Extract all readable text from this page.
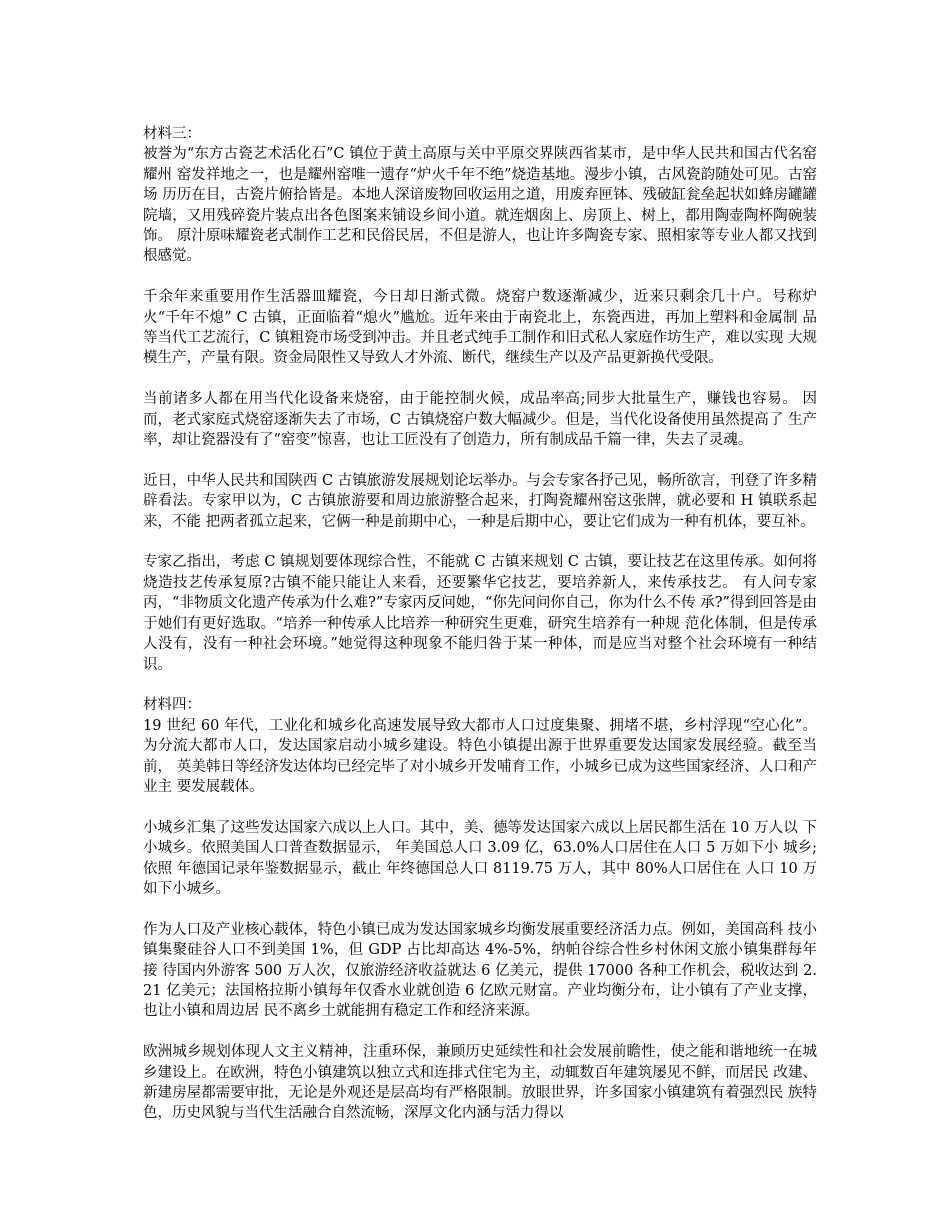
材料三：

被誉为“东方古瓷艺术活化石”C 镇位于黄土高原与关中平原交界陕西省某市，是中华人民共和国古代名窑耀州 窑发祥地之一，也是耀州窑唯一遗存“炉火千年不绝”烧造基地。漫步小镇，古风瓷韵随处可见。古窑场 历历在目，古瓷片俯拾皆是。本地人深谙废物回收运用之道，用废弃匣钵、残破缸瓮垒起状如蜂房罐罐 院墙，又用残碎瓷片装点出各色图案来铺设乡间小道。就连烟囱上、房顶上、树上，都用陶壶陶杯陶碗装饰。 原汁原味耀瓷老式制作工艺和民俗民居，不但是游人，也让许多陶瓷专家、照相家等专业人都又找到根感觉。

千余年来重要用作生活器皿耀瓷，今日却日渐式微。烧窑户数逐渐减少，近来只剩余几十户。号称炉 火“千年不熄” C 古镇，正面临着“熄火”尴尬。近年来由于南瓷北上，东瓷西进，再加上塑料和金属制 品等当代工艺流行，C 镇粗瓷市场受到冲击。并且老式纯手工制作和旧式私人家庭作坊生产，难以实现 大规模生产，产量有限。资金局限性又导致人才外流、断代，继续生产以及产品更新换代受限。

当前诸多人都在用当代化设备来烧窑，由于能控制火候，成品率高;同步大批量生产，赚钱也容易。 因而，老式家庭式烧窑逐渐失去了市场，C 古镇烧窑户数大幅减少。但是，当代化设备使用虽然提高了 生产率，却让瓷器没有了“窑变”惊喜，也让工匠没有了创造力，所有制成品千篇一律，失去了灵魂。

近日，中华人民共和国陕西 C 古镇旅游发展规划论坛举办。与会专家各抒己见，畅所欲言，刊登了许多精辟看法。专家甲以为，C 古镇旅游要和周边旅游整合起来，打陶瓷耀州窑这张牌，就必要和 H 镇联系起来，不能 把两者孤立起来，它俩一种是前期中心，一种是后期中心，要让它们成为一种有机体，要互补。

专家乙指出，考虑 C 镇规划要体现综合性，不能就 C 古镇来规划 C 古镇，要让技艺在这里传承。如何将烧造技艺传承复原?古镇不能只能让人来看，还要繁华它技艺，要培养新人，来传承技艺。 有人问专家丙，“非物质文化遗产传承为什么难?”专家丙反问她，“你先问问你自己，你为什么不传 承?”得到回答是由于她们有更好选取。“培养一种传承人比培养一种研究生更难，研究生培养有一种规 范化体制，但是传承人没有，没有一种社会环境。”她觉得这种现象不能归咎于某一种体，而是应当对整个社会环境有一种结识。

材料四：

19 世纪 60 年代，工业化和城乡化高速发展导致大都市人口过度集聚、拥堵不堪，乡村浮现“空心化”。 为分流大都市人口，发达国家启动小城乡建设。特色小镇提出源于世界重要发达国家发展经验。截至当前， 英美韩日等经济发达体均已经完毕了对小城乡开发哺育工作，小城乡已成为这些国家经济、人口和产业主 要发展载体。

小城乡汇集了这些发达国家六成以上人口。其中，美、德等发达国家六成以上居民都生活在 10 万人以 下小城乡。依照美国人口普查数据显示， 年美国总人口 3.09 亿，63.0%人口居住在人口 5 万如下小 城乡;依照 年德国记录年鉴数据显示，截止 年终德国总人口 8119.75 万人，其中 80%人口居住在 人口 10 万如下小城乡。

作为人口及产业核心载体，特色小镇已成为发达国家城乡均衡发展重要经济活力点。例如，美国高科 技小镇集聚硅谷人口不到美国 1%，但 GDP 占比却高达 4%-5%，纳帕谷综合性乡村休闲文旅小镇集群每年接 待国内外游客 500 万人次，仅旅游经济收益就达 6 亿美元，提供 17000 各种工作机会，税收达到 2.21 亿美元；法国格拉斯小镇每年仅香水业就创造 6 亿欧元财富。产业均衡分布，让小镇有了产业支撑，也让小镇和周边居 民不离乡土就能拥有稳定工作和经济来源。

欧洲城乡规划体现人文主义精神，注重环保，兼顾历史延续性和社会发展前瞻性，使之能和谐地统一在城乡建设上。在欧洲，特色小镇建筑以独立式和连排式住宅为主，动辄数百年建筑屡见不鲜，而居民 改建、新建房屋都需要审批，无论是外观还是层高均有严格限制。放眼世界，许多国家小镇建筑有着强烈民 族特色，历史风貌与当代生活融合自然流畅，深厚文化内涵与活力得以
